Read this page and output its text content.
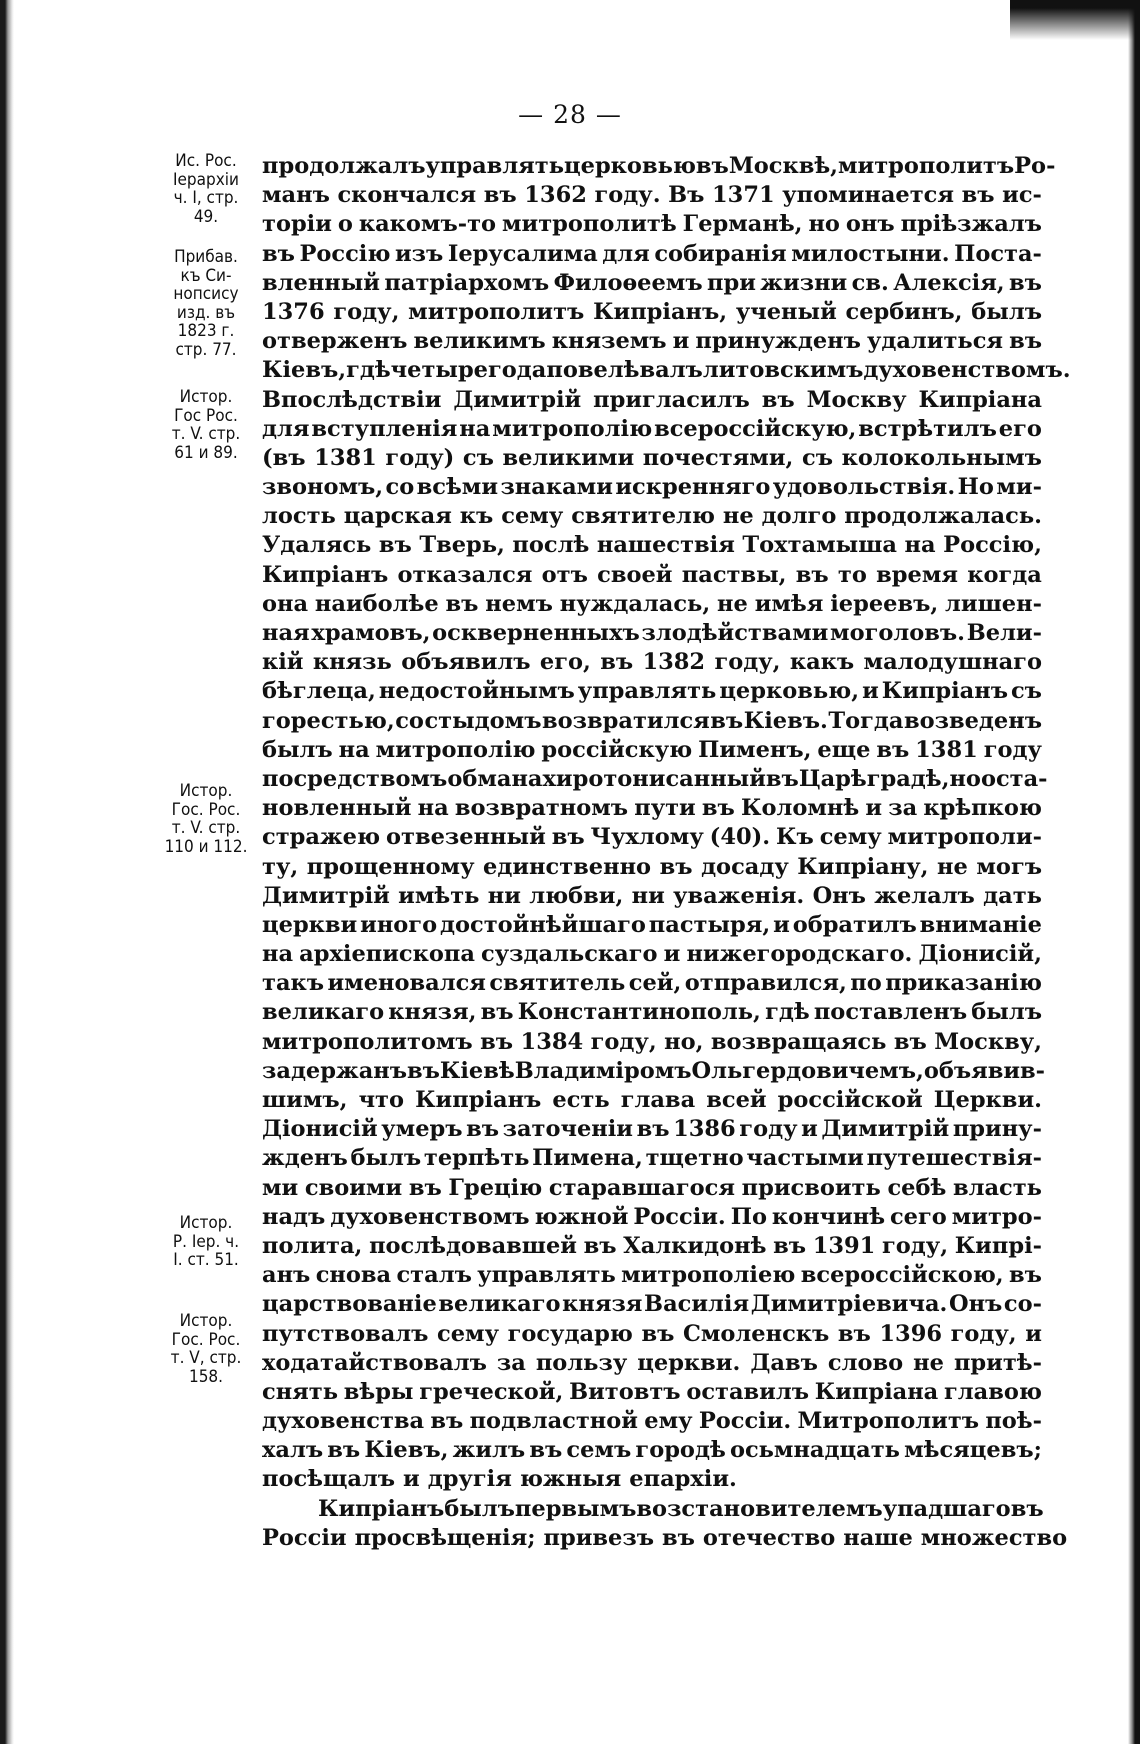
— 28 —
Ис. Рос.
Іерархіи
ч. I, стр.
49.
Прибав.
къ Си-
нопсису
изд. въ
1823 г.
стр. 77.
Истор.
Гос Рос.
т. V. стр.
61 и 89.
Истор.
Гос. Рос.
т. V. стр.
110 и 112.
Истор.
Р. Іер. ч.
I. ст. 51.
Истор.
Гос. Рос.
т. V, стр.
158.
продолжалъ управлять церковью въ Москвѣ, митрополитъ Ро-
манъ скончался въ 1362 году. Въ 1371 упоминается въ ис-
торіи о какомъ-то митрополитѣ Германѣ, но онъ пріѣзжалъ
въ Россію изъ Іерусалима для собиранія милостыни. Поста-
вленный патріархомъ Филоѳеемъ при жизни св. Алексія, въ
1376 году, митрополитъ Кипріанъ, ученый сербинъ, былъ
отверженъ великимъ княземъ и принужденъ удалиться въ
Кіевъ, гдѣ четыре года повелѣвалъ литовскимъ духовенствомъ.
Впослѣдствіи Димитрій пригласилъ въ Москву Кипріана
для вступленія на митрополію всероссійскую, встрѣтилъ его
(въ 1381 году) съ великими почестями, съ колокольнымъ
звономъ, со всѣми знаками искренняго удовольствія. Но ми-
лость царская къ сему святителю не долго продолжалась.
Удалясь въ Тверь, послѣ нашествія Тохтамыша на Россію,
Кипріанъ отказался отъ своей паствы, въ то время когда
она наиболѣе въ немъ нуждалась, не имѣя іереевъ, лишен-
ная храмовъ, оскверненныхъ злодѣйствами моголовъ. Вели-
кій князь объявилъ его, въ 1382 году, какъ малодушнаго
бѣглеца, недостойнымъ управлять церковью, и Кипріанъ съ
горестью, со стыдомъ возвратился въ Кіевъ. Тогда возведенъ
былъ на митрополію россійскую Пименъ, еще въ 1381 году
посредствомъ обмана хиротонисанный въ Царѣградѣ, но оста-
новленный на возвратномъ пути въ Коломнѣ и за крѣпкою
стражею отвезенный въ Чухлому (40). Къ сему митрополи-
ту, прощенному единственно въ досаду Кипріану, не могъ
Димитрій имѣть ни любви, ни уваженія. Онъ желалъ дать
церкви иного достойнѣйшаго пастыря, и обратилъ вниманіе
на архіепископа суздальскаго и нижегородскаго. Діонисій,
такъ именовался святитель сей, отправился, по приказанію
великаго князя, въ Константинополь, гдѣ поставленъ былъ
митрополитомъ въ 1384 году, но, возвращаясь въ Москву,
задержанъ въ Кіевѣ Владиміромъ Ольгердовичемъ, объявив-
шимъ, что Кипріанъ есть глава всей россійской Церкви.
Діонисій умеръ въ заточеніи въ 1386 году и Димитрій прину-
жденъ былъ терпѣть Пимена, тщетно частыми путешествія-
ми своими въ Грецію старавшагося присвоить себѣ власть
надъ духовенствомъ южной Россіи. По кончинѣ сего митро-
полита, послѣдовавшей въ Халкидонѣ въ 1391 году, Кипрі-
анъ снова сталъ управлять митрополіею всероссійскою, въ
царствованіе великаго князя Василія Димитріевича. Онъ со-
путствовалъ сему государю въ Смоленскъ въ 1396 году, и
ходатайствовалъ за пользу церкви. Давъ слово не притѣ-
снять вѣры греческой, Витовтъ оставилъ Кипріана главою
духовенства въ подвластной ему Россіи. Митрополитъ поѣ-
халъ въ Кіевъ, жилъ въ семъ городѣ осьмнадцать мѣсяцевъ;
посѣщалъ и другія южныя епархіи.
Кипріанъ былъ первымъ возстановителемъ упадшаго въ
Россіи просвѣщенія; привезъ въ отечество наше множество
